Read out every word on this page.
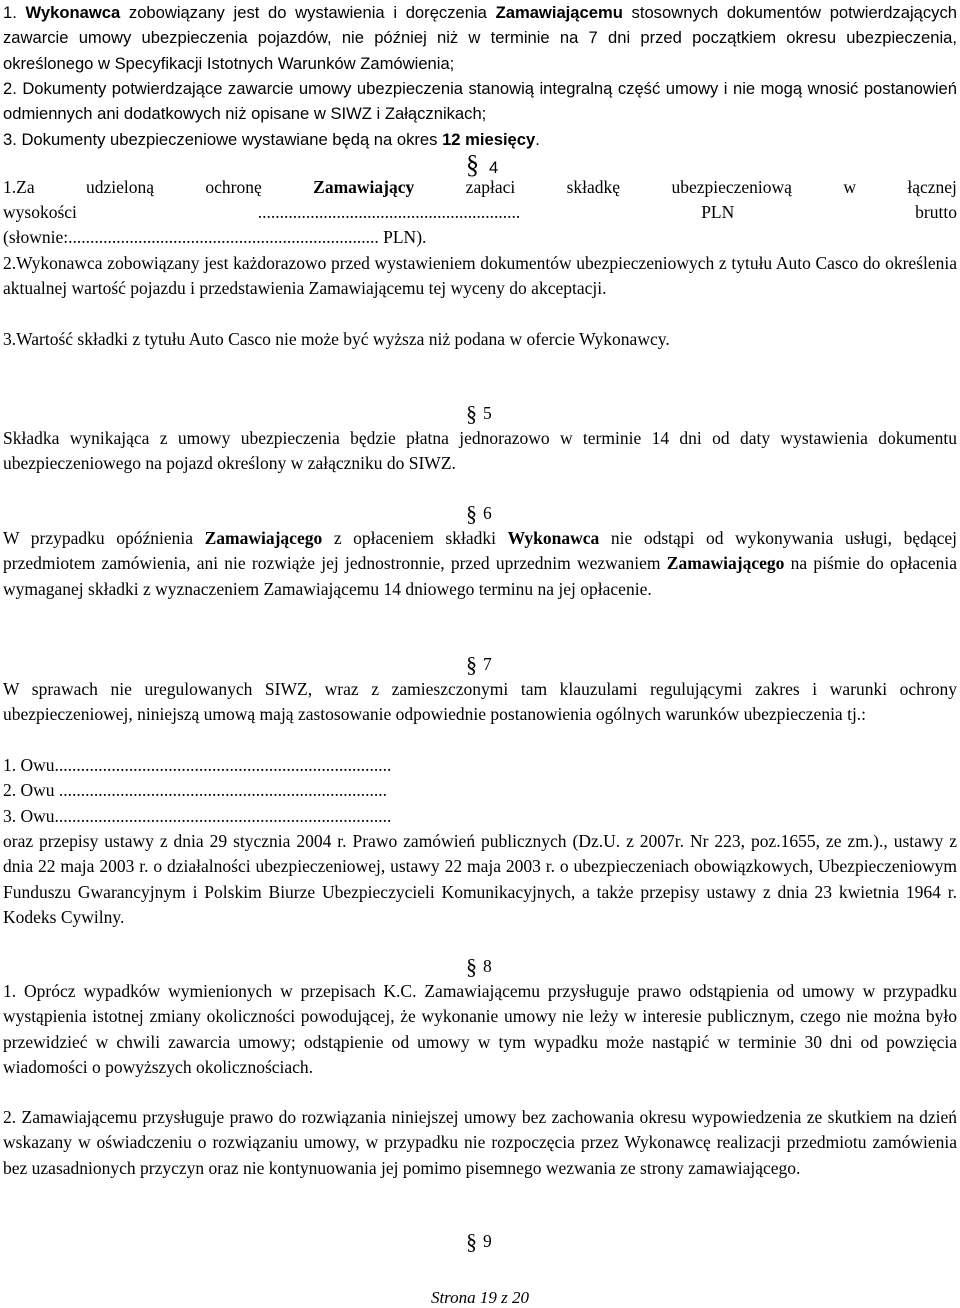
1. Wykonawca zobowiązany jest do wystawienia i doręczenia Zamawiającemu stosownych dokumentów potwierdzających zawarcie umowy ubezpieczenia pojazdów, nie później niż w terminie na 7 dni przed początkiem okresu ubezpieczenia, określonego w Specyfikacji Istotnych Warunków Zamówienia;
2. Dokumenty potwierdzające zawarcie umowy ubezpieczenia stanowią integralną część umowy i nie mogą wnosić postanowień odmiennych ani dodatkowych niż opisane w SIWZ i Załącznikach;
3. Dokumenty ubezpieczeniowe wystawiane będą na okres 12 miesięcy.
§ 4
1.Za	udzieloną	ochronę	Zamawiający	zapłaci	składkę	ubezpieczeniową	w	łącznej
wysokości	............................................................	PLN	brutto
(słownie:....................................................................... PLN).
2.Wykonawca zobowiązany jest każdorazowo przed wystawieniem dokumentów ubezpieczeniowych z tytułu Auto Casco do określenia aktualnej wartość pojazdu i przedstawienia Zamawiającemu tej wyceny do akceptacji.
3.Wartość składki z tytułu Auto Casco nie może być wyższa niż podana w ofercie Wykonawcy.
§ 5
Składka wynikająca z umowy ubezpieczenia będzie płatna jednorazowo w terminie 14 dni od daty wystawienia dokumentu ubezpieczeniowego na pojazd określony w załączniku do SIWZ.
§ 6
W przypadku opóźnienia Zamawiającego z opłaceniem składki Wykonawca nie odstąpi od wykonywania usługi, będącej przedmiotem zamówienia, ani nie rozwiąże jej jednostronnie, przed uprzednim wezwaniem Zamawiającego na piśmie do opłacenia wymaganej składki z wyznaczeniem Zamawiającemu 14 dniowego terminu na jej opłacenie.
§ 7
W sprawach nie uregulowanych SIWZ, wraz z zamieszczonymi tam klauzulami regulującymi zakres i warunki ochrony ubezpieczeniowej, niniejszą umową mają zastosowanie odpowiednie postanowienia ogólnych warunków ubezpieczenia tj.:
1. Owu.............................................................................
2. Owu ...........................................................................
3. Owu.............................................................................
oraz przepisy ustawy z dnia 29 stycznia 2004 r. Prawo zamówień publicznych (Dz.U. z 2007r. Nr 223, poz.1655, ze zm.)., ustawy z dnia 22 maja 2003 r. o działalności ubezpieczeniowej, ustawy 22 maja 2003 r. o ubezpieczeniach obowiązkowych, Ubezpieczeniowym Funduszu Gwarancyjnym i Polskim Biurze Ubezpieczycieli Komunikacyjnych, a także przepisy ustawy z dnia 23 kwietnia 1964 r. Kodeks Cywilny.
§ 8
1. Oprócz wypadków wymienionych w przepisach K.C. Zamawiającemu przysługuje prawo odstąpienia od umowy w przypadku wystąpienia istotnej zmiany okoliczności powodującej, że wykonanie umowy nie leży w interesie publicznym, czego nie można było przewidzieć w chwili zawarcia umowy; odstąpienie od umowy w tym wypadku może nastąpić w terminie 30 dni od powzięcia wiadomości o powyższych okolicznościach.
2. Zamawiającemu przysługuje prawo do rozwiązania niniejszej umowy bez zachowania okresu wypowiedzenia ze skutkiem na dzień wskazany w oświadczeniu o rozwiązaniu umowy, w przypadku nie rozpoczęcia przez Wykonawcę realizacji przedmiotu zamówienia bez uzasadnionych przyczyn oraz nie kontynuowania jej pomimo pisemnego wezwania ze strony zamawiającego.
§ 9
Strona 19 z 20
